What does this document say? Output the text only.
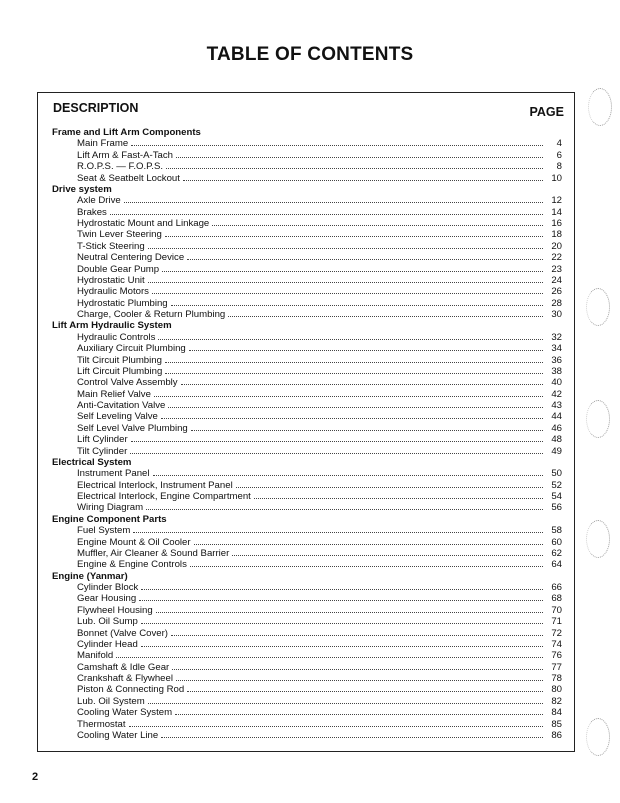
TABLE OF CONTENTS
DESCRIPTION	PAGE
Frame and Lift Arm Components
Main Frame	4
Lift Arm & Fast-A-Tach	6
R.O.P.S. — F.O.P.S.	8
Seat & Seatbelt Lockout	10
Drive system
Axle Drive	12
Brakes	14
Hydrostatic Mount and Linkage	16
Twin Lever Steering	18
T-Stick Steering	20
Neutral Centering Device	22
Double Gear Pump	23
Hydrostatic Unit	24
Hydraulic Motors	26
Hydrostatic Plumbing	28
Charge, Cooler & Return Plumbing	30
Lift Arm Hydraulic System
Hydraulic Controls	32
Auxiliary Circuit Plumbing	34
Tilt Circuit Plumbing	36
Lift Circuit Plumbing	38
Control Valve Assembly	40
Main Relief Valve	42
Anti-Cavitation Valve	43
Self Leveling Valve	44
Self Level Valve Plumbing	46
Lift Cylinder	48
Tilt Cylinder	49
Electrical System
Instrument Panel	50
Electrical Interlock, Instrument Panel	52
Electrical Interlock, Engine Compartment	54
Wiring Diagram	56
Engine Component Parts
Fuel System	58
Engine Mount & Oil Cooler	60
Muffler, Air Cleaner & Sound Barrier	62
Engine & Engine Controls	64
Engine (Yanmar)
Cylinder Block	66
Gear Housing	68
Flywheel Housing	70
Lub. Oil Sump	71
Bonnet (Valve Cover)	72
Cylinder Head	74
Manifold	76
Camshaft & Idle Gear	77
Crankshaft & Flywheel	78
Piston & Connecting Rod	80
Lub. Oil System	82
Cooling Water System	84
Thermostat	85
Cooling Water Line	86
2
